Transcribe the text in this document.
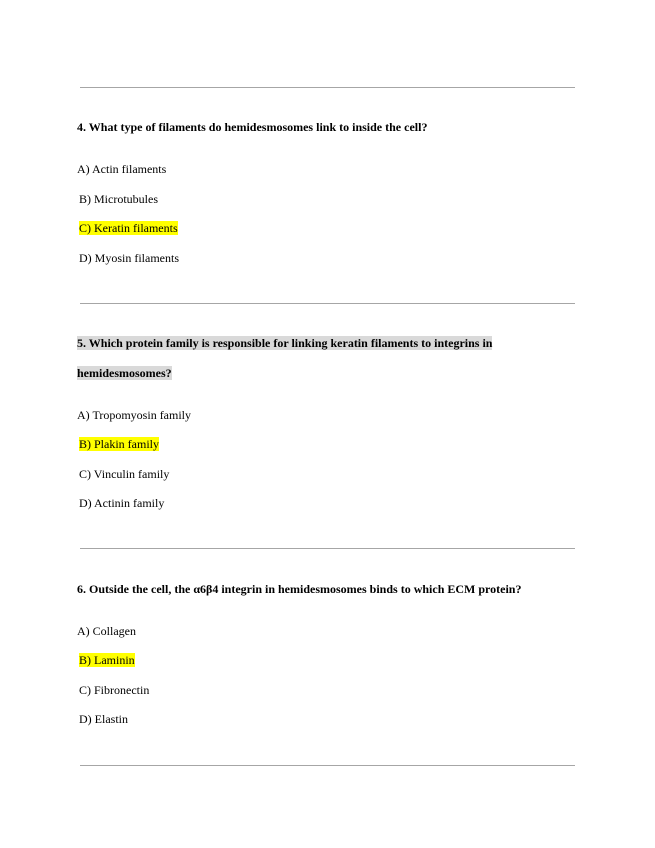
4. What type of filaments do hemidesmosomes link to inside the cell?
A) Actin filaments
B) Microtubules
C) Keratin filaments
D) Myosin filaments
5. Which protein family is responsible for linking keratin filaments to integrins in
hemidesmosomes?
A) Tropomyosin family
B) Plakin family
C) Vinculin family
D) Actinin family
6. Outside the cell, the α6β4 integrin in hemidesmosomes binds to which ECM protein?
A) Collagen
B) Laminin
C) Fibronectin
D) Elastin
